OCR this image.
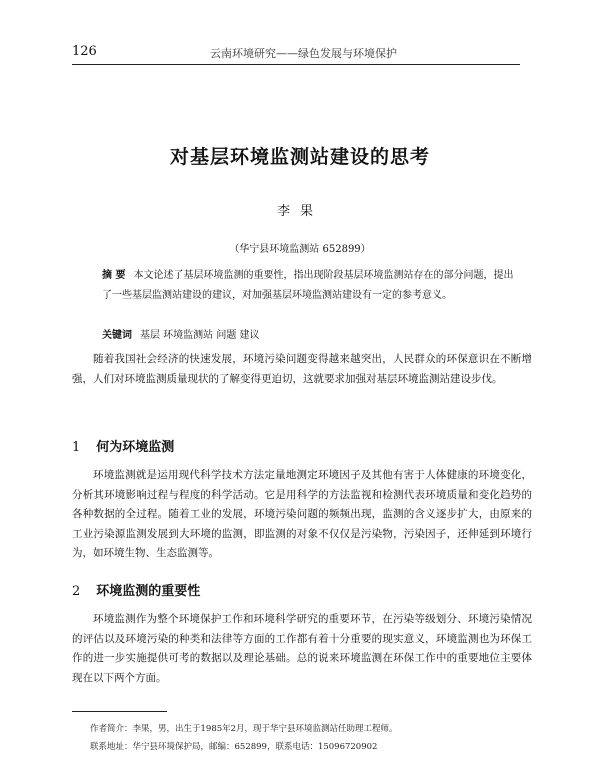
126	云南环境研究——绿色发展与环境保护
对基层环境监测站建设的思考
李果
（华宁县环境监测站 652899）
摘 要 本文论述了基层环境监测的重要性，指出现阶段基层环境监测站存在的部分问题，提出了一些基层监测站建设的建议，对加强基层环境监测站建设有一定的参考意义。
关键词 基层 环境监测站 问题 建议
随着我国社会经济的快速发展，环境污染问题变得越来越突出，人民群众的环保意识在不断增强，人们对环境监测质量现状的了解变得更迫切，这就要求加强对基层环境监测站建设步伐。
1 何为环境监测
环境监测就是运用现代科学技术方法定量地测定环境因子及其他有害于人体健康的环境变化，分析其环境影响过程与程度的科学活动。它是用科学的方法监视和检测代表环境质量和变化趋势的各种数据的全过程。随着工业的发展，环境污染问题的频频出现，监测的含义逐步扩大，由原来的工业污染源监测发展到大环境的监测，即监测的对象不仅仅是污染物，污染因子，还伸延到环境行为，如环境生物、生态监测等。
2 环境监测的重要性
环境监测作为整个环境保护工作和环境科学研究的重要环节，在污染等级划分、环境污染情况的评估以及环境污染的种类和法律等方面的工作都有着十分重要的现实意义，环境监测也为环保工作的进一步实施提供可考的数据以及理论基础。总的说来环境监测在环保工作中的重要地位主要体现在以下两个方面。
作者简介：李果，男，出生于1985年2月，现于华宁县环境监测站任助理工程师。
联系地址：华宁县环境保护局，邮编：652899，联系电话：15096720902
